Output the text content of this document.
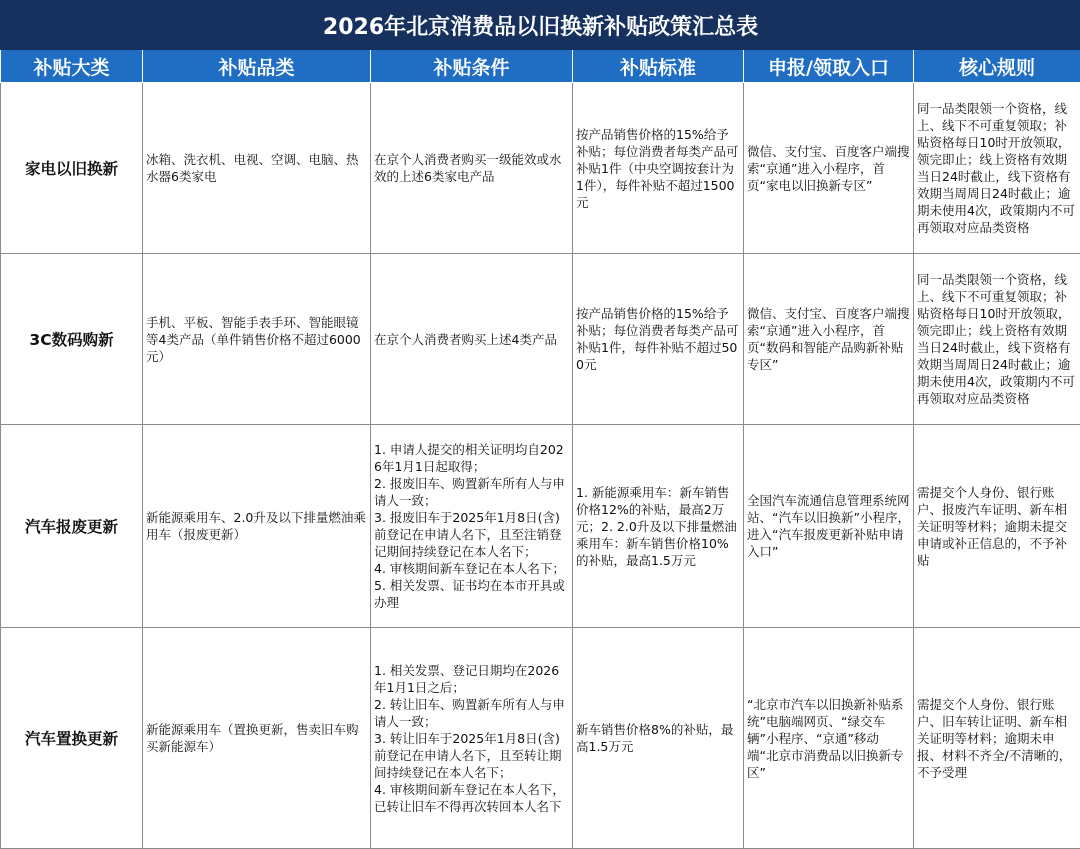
2026年北京消费品以旧换新补贴政策汇总表					
补贴大类	补贴品类	补贴条件	补贴标准	申报/领取入口	核心规则
家电以旧换新	冰箱、洗衣机、电视、空调、电脑、热水器6类家电	在京个人消费者购买一级能效或水效的上述6类家电产品	按产品销售价格的15%给予补贴；每位消费者每类产品可补贴1件（中央空调按套计为1件），每件补贴不超过1500元	微信、支付宝、百度客户端搜索“京通”进入小程序，首页“家电以旧换新专区”	同一品类限领一个资格，线上、线下不可重复领取；补贴资格每日10时开放领取，领完即止；线上资格有效期当日24时截止，线下资格有效期当周周日24时截止；逾期未使用4次，政策期内不可再领取对应品类资格

3C数码购新	手机、平板、智能手表手环、智能眼镜等4类产品（单件销售价格不超过6000元）	在京个人消费者购买上述4类产品	按产品销售价格的15%给予补贴；每位消费者每类产品可补贴1件，每件补贴不超过500元	微信、支付宝、百度客户端搜索“京通”进入小程序，首页“数码和智能产品购新补贴专区”	同一品类限领一个资格，线上、线下不可重复领取；补贴资格每日10时开放领取，领完即止；线上资格有效期当日24时截止，线下资格有效期当周周日24时截止；逾期未使用4次，政策期内不可再领取对应品类资格

汽车报废更新	新能源乘用车、2.0升及以下排量燃油乘用车（报废更新）	1. 申请人提交的相关证明均自2026年1月1日起取得；
2. 报废旧车、购置新车所有人与申请人一致；
3. 报废旧车于2025年1月8日(含)前登记在申请人名下，且至注销登记期间持续登记在本人名下；
4. 审核期间新车登记在本人名下；5. 相关发票、证书均在本市开具或办理	1. 新能源乘用车：新车销售价格12%的补贴，最高2万元；2. 2.0升及以下排量燃油乘用车：新车销售价格10%的补贴，最高1.5万元	全国汽车流通信息管理系统网站、“汽车以旧换新”小程序，进入“汽车报废更新补贴申请入口”	需提交个人身份、银行账户、报废汽车证明、新车相关证明等材料；逾期未提交申请或补正信息的，不予补贴

汽车置换更新	新能源乘用车（置换更新，售卖旧车购买新能源车）	1. 相关发票、登记日期均在2026年1月1日之后；
2. 转让旧车、购置新车所有人与申请人一致；
3. 转让旧车于2025年1月8日(含)前登记在申请人名下，且至转让期间持续登记在本人名下；
4. 审核期间新车登记在本人名下，已转让旧车不得再次转回本人名下	新车销售价格8%的补贴，最高1.5万元	“北京市汽车以旧换新补贴系统”电脑端网页、“绿交车辆”小程序、“京通”移动端“北京市消费品以旧换新专区”	需提交个人身份、银行账户、旧车转让证明、新车相关证明等材料；逾期未申报、材料不齐全/不清晰的，不予受理
